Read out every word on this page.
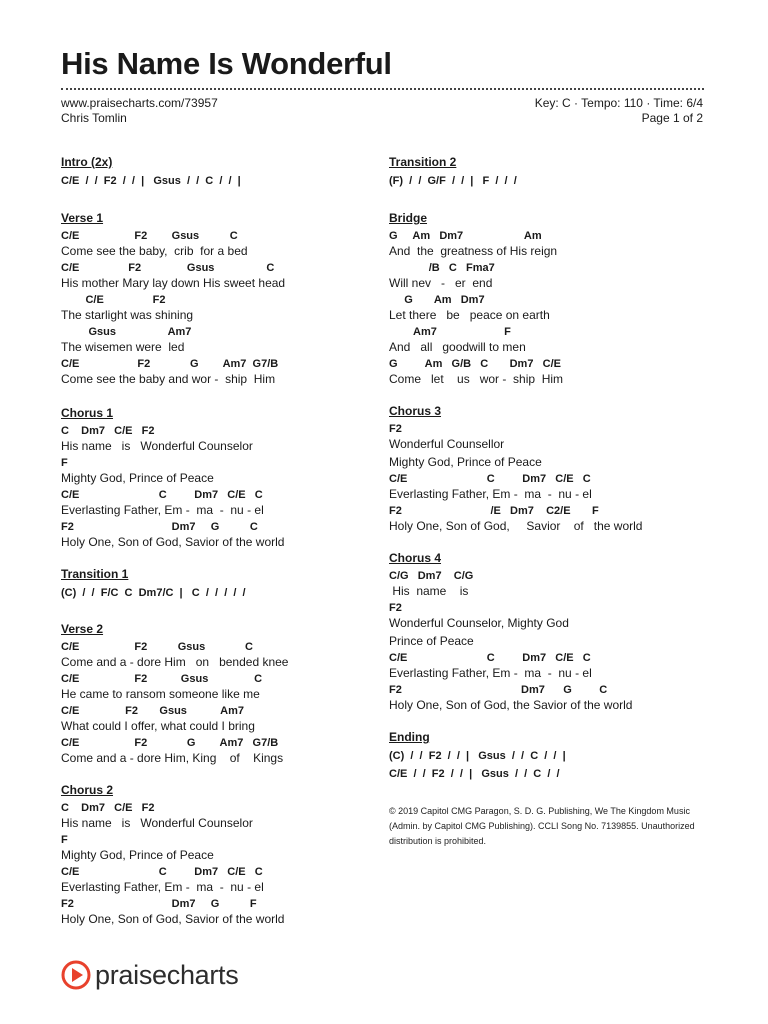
His Name Is Wonderful
www.praisecharts.com/73957
Chris Tomlin
Key: C · Tempo: 110 · Time: 6/4
Page 1 of 2
Intro (2x)
C/E  /  /  F2  /  /  |   Gsus  /  /  C  /  /  |
Verse 1
C/E                  F2        Gsus          C
Come see the baby,  crib  for a bed
C/E                F2               Gsus                 C
His mother Mary lay down His sweet head
C/E                F2
The starlight was shining
Gsus                 Am7
The wisemen were  led
C/E                   F2             G        Am7  G7/B
Come see the baby and wor -  ship  Him
Chorus 1
C    Dm7   C/E   F2
His name   is   Wonderful Counselor
F
Mighty God, Prince of Peace
C/E                          C         Dm7   C/E   C
Everlasting Father, Em -  ma  -  nu - el
F2                                Dm7     G          C
Holy One, Son of God, Savior of the world
Transition 1
(C)  /  /  F/C  C  Dm7/C  |   C  /  /  /  /  /
Verse 2
C/E                  F2          Gsus             C
Come and a - dore Him   on   bended knee
C/E                  F2           Gsus               C
He came to ransom someone like me
C/E               F2       Gsus           Am7
What could I offer, what could I bring
C/E                  F2             G        Am7   G7/B
Come and a - dore Him, King    of    Kings
Chorus 2
C    Dm7   C/E   F2
His name   is   Wonderful Counselor
F
Mighty God, Prince of Peace
C/E                          C         Dm7   C/E   C
Everlasting Father, Em -  ma  -  nu - el
F2                                Dm7     G          F
Holy One, Son of God, Savior of the world
Transition 2
(F)  /  /  G/F  /  /  |   F  /  /  /
Bridge
G     Am   Dm7                    Am
And  the  greatness of His reign
/B   C   Fma7
Will nev   -   er  end
G       Am   Dm7
Let there   be   peace on earth
Am7                      F
And   all   goodwill to men
G         Am   G/B   C       Dm7   C/E
Come   let    us   wor -  ship  Him
Chorus 3
F2
Wonderful Counsellor
Mighty God, Prince of Peace
C/E                          C         Dm7   C/E   C
Everlasting Father, Em -  ma  -  nu - el
F2                             /E   Dm7    C2/E       F
Holy One, Son of God,     Savior    of   the world
Chorus 4
C/G   Dm7    C/G
His  name    is
F2
Wonderful Counselor, Mighty God
Prince of Peace
C/E                          C         Dm7   C/E   C
Everlasting Father, Em -  ma  -  nu - el
F2                                       Dm7      G         C
Holy One, Son of God, the Savior of the world
Ending
(C)  /  /  F2  /  /  |   Gsus  /  /  C  /  /  |
C/E  /  /  F2  /  /  |   Gsus  /  /  C  /  /
© 2019 Capitol CMG Paragon, S. D. G. Publishing, We The Kingdom Music (Admin. by Capitol CMG Publishing). CCLI Song No. 7139855. Unauthorized distribution is prohibited.
praisecharts
